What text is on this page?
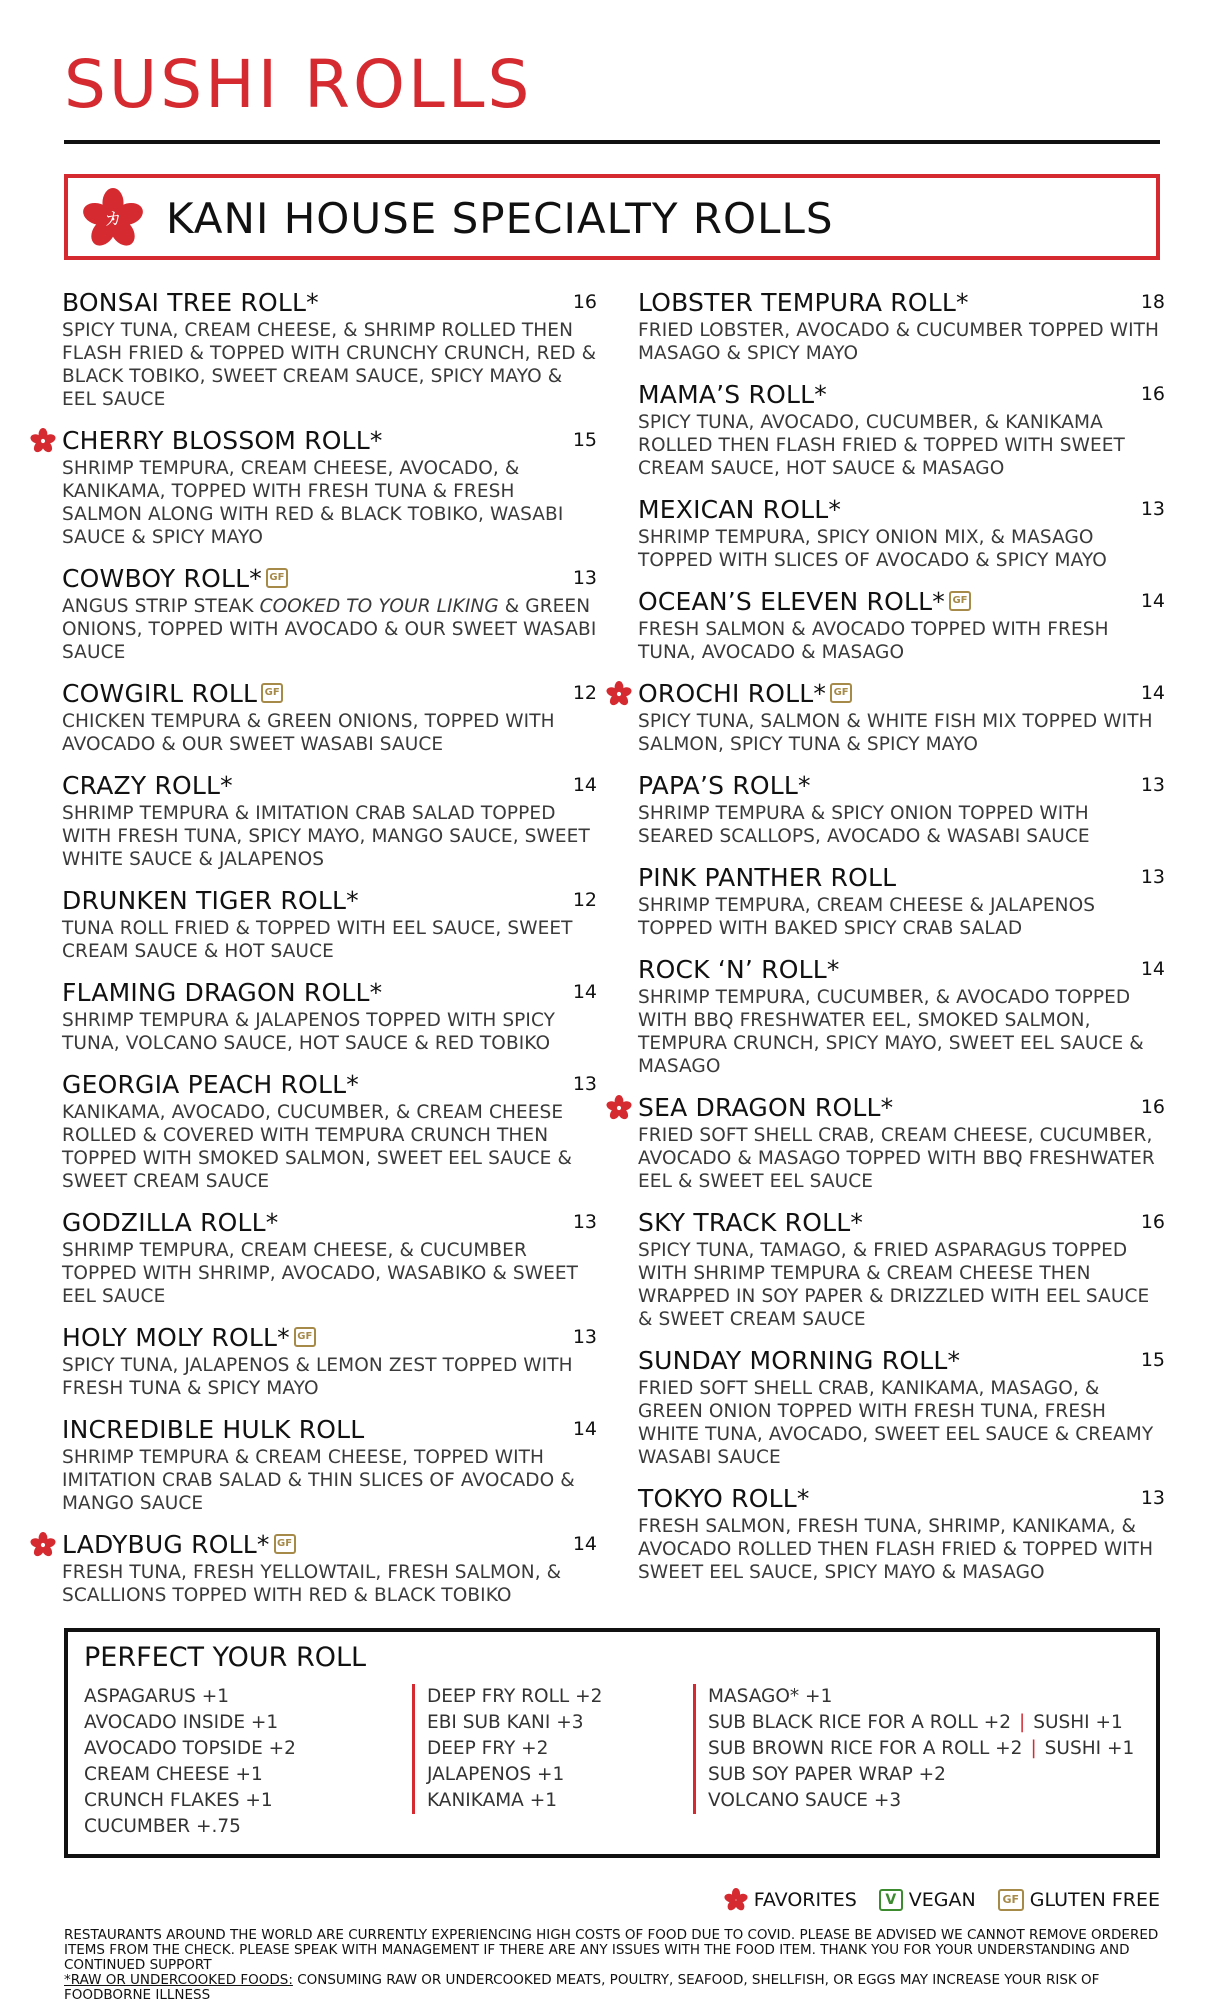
SUSHI ROLLS
カ KANI HOUSE SPECIALTY ROLLS
BONSAI TREE ROLL*	16
SPICY TUNA, CREAM CHEESE, & SHRIMP ROLLED THEN FLASH FRIED & TOPPED WITH CRUNCHY CRUNCH, RED & BLACK TOBIKO, SWEET CREAM SAUCE, SPICY MAYO & EEL SAUCE
CHERRY BLOSSOM ROLL*	15
SHRIMP TEMPURA, CREAM CHEESE, AVOCADO, & KANIKAMA, TOPPED WITH FRESH TUNA & FRESH SALMON ALONG WITH RED & BLACK TOBIKO, WASABI SAUCE & SPICY MAYO
COWBOY ROLL* GF	13
ANGUS STRIP STEAK COOKED TO YOUR LIKING & GREEN ONIONS, TOPPED WITH AVOCADO & OUR SWEET WASABI SAUCE
COWGIRL ROLL GF	12
CHICKEN TEMPURA & GREEN ONIONS, TOPPED WITH AVOCADO & OUR SWEET WASABI SAUCE
CRAZY ROLL*	14
SHRIMP TEMPURA & IMITATION CRAB SALAD TOPPED WITH FRESH TUNA, SPICY MAYO, MANGO SAUCE, SWEET WHITE SAUCE & JALAPENOS
DRUNKEN TIGER ROLL*	12
TUNA ROLL FRIED & TOPPED WITH EEL SAUCE, SWEET CREAM SAUCE & HOT SAUCE
FLAMING DRAGON ROLL*	14
SHRIMP TEMPURA & JALAPENOS TOPPED WITH SPICY TUNA, VOLCANO SAUCE, HOT SAUCE & RED TOBIKO
GEORGIA PEACH ROLL*	13
KANIKAMA, AVOCADO, CUCUMBER, & CREAM CHEESE ROLLED & COVERED WITH TEMPURA CRUNCH THEN TOPPED WITH SMOKED SALMON, SWEET EEL SAUCE & SWEET CREAM SAUCE
GODZILLA ROLL*	13
SHRIMP TEMPURA, CREAM CHEESE, & CUCUMBER TOPPED WITH SHRIMP, AVOCADO, WASABIKO & SWEET EEL SAUCE
HOLY MOLY ROLL* GF	13
SPICY TUNA, JALAPENOS & LEMON ZEST TOPPED WITH FRESH TUNA & SPICY MAYO
INCREDIBLE HULK ROLL	14
SHRIMP TEMPURA & CREAM CHEESE, TOPPED WITH IMITATION CRAB SALAD & THIN SLICES OF AVOCADO & MANGO SAUCE
LADYBUG ROLL* GF	14
FRESH TUNA, FRESH YELLOWTAIL, FRESH SALMON, & SCALLIONS TOPPED WITH RED & BLACK TOBIKO
LOBSTER TEMPURA ROLL*	18
FRIED LOBSTER, AVOCADO & CUCUMBER TOPPED WITH MASAGO & SPICY MAYO
MAMA’S ROLL*	16
SPICY TUNA, AVOCADO, CUCUMBER, & KANIKAMA ROLLED THEN FLASH FRIED & TOPPED WITH SWEET CREAM SAUCE, HOT SAUCE & MASAGO
MEXICAN ROLL*	13
SHRIMP TEMPURA, SPICY ONION MIX, & MASAGO TOPPED WITH SLICES OF AVOCADO & SPICY MAYO
OCEAN’S ELEVEN ROLL* GF	14
FRESH SALMON & AVOCADO TOPPED WITH FRESH TUNA, AVOCADO & MASAGO
OROCHI ROLL* GF	14
SPICY TUNA, SALMON & WHITE FISH MIX TOPPED WITH SALMON, SPICY TUNA & SPICY MAYO
PAPA’S ROLL*	13
SHRIMP TEMPURA & SPICY ONION TOPPED WITH SEARED SCALLOPS, AVOCADO & WASABI SAUCE
PINK PANTHER ROLL	13
SHRIMP TEMPURA, CREAM CHEESE & JALAPENOS TOPPED WITH BAKED SPICY CRAB SALAD
ROCK ‘N’ ROLL*	14
SHRIMP TEMPURA, CUCUMBER, & AVOCADO TOPPED WITH BBQ FRESHWATER EEL, SMOKED SALMON, TEMPURA CRUNCH, SPICY MAYO, SWEET EEL SAUCE & MASAGO
SEA DRAGON ROLL*	16
FRIED SOFT SHELL CRAB, CREAM CHEESE, CUCUMBER, AVOCADO & MASAGO TOPPED WITH BBQ FRESHWATER EEL & SWEET EEL SAUCE
SKY TRACK ROLL*	16
SPICY TUNA, TAMAGO, & FRIED ASPARAGUS TOPPED WITH SHRIMP TEMPURA & CREAM CHEESE THEN WRAPPED IN SOY PAPER & DRIZZLED WITH EEL SAUCE & SWEET CREAM SAUCE
SUNDAY MORNING ROLL*	15
FRIED SOFT SHELL CRAB, KANIKAMA, MASAGO, & GREEN ONION TOPPED WITH FRESH TUNA, FRESH WHITE TUNA, AVOCADO, SWEET EEL SAUCE & CREAMY WASABI SAUCE
TOKYO ROLL*	13
FRESH SALMON, FRESH TUNA, SHRIMP, KANIKAMA, & AVOCADO ROLLED THEN FLASH FRIED & TOPPED WITH SWEET EEL SAUCE, SPICY MAYO & MASAGO
PERFECT YOUR ROLL
ASPAGARUS +1
AVOCADO INSIDE +1
AVOCADO TOPSIDE +2
CREAM CHEESE +1
CRUNCH FLAKES +1
CUCUMBER +.75
DEEP FRY ROLL +2
EBI SUB KANI +3
DEEP FRY +2
JALAPENOS +1
KANIKAMA +1
MASAGO* +1
SUB BLACK RICE FOR A ROLL +2 | SUSHI +1
SUB BROWN RICE FOR A ROLL +2 | SUSHI +1
SUB SOY PAPER WRAP +2
VOLCANO SAUCE +3
FAVORITES	V VEGAN	GF GLUTEN FREE
RESTAURANTS AROUND THE WORLD ARE CURRENTLY EXPERIENCING HIGH COSTS OF FOOD DUE TO COVID. PLEASE BE ADVISED WE CANNOT REMOVE ORDERED ITEMS FROM THE CHECK. PLEASE SPEAK WITH MANAGEMENT IF THERE ARE ANY ISSUES WITH THE FOOD ITEM. THANK YOU FOR YOUR UNDERSTANDING AND CONTINUED SUPPORT
*RAW OR UNDERCOOKED FOODS: CONSUMING RAW OR UNDERCOOKED MEATS, POULTRY, SEAFOOD, SHELLFISH, OR EGGS MAY INCREASE YOUR RISK OF FOODBORNE ILLNESS
